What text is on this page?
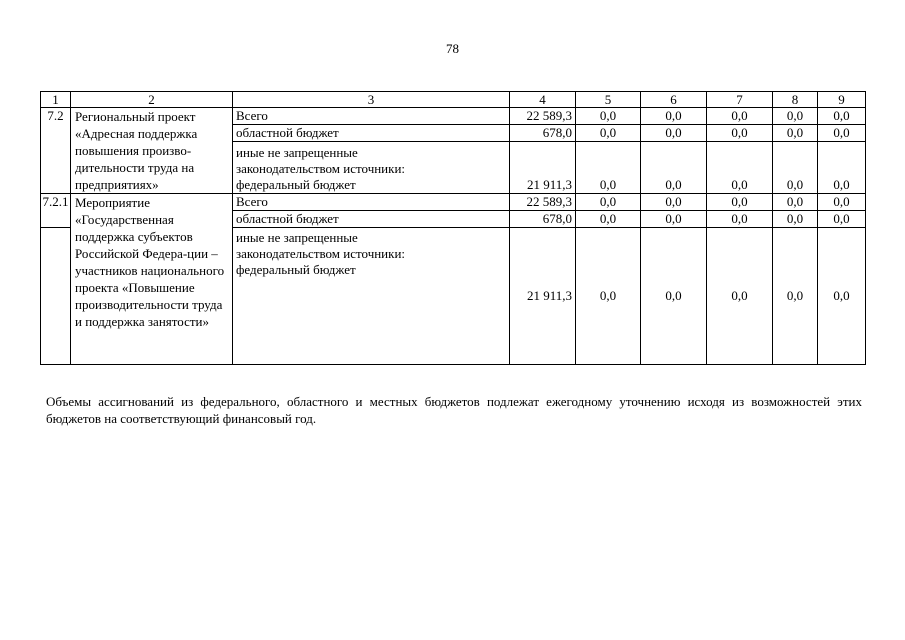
78
1	2	3	4	5	6	7	8	9
7.2	Региональный проект «Адресная поддержка повышения произво-дительности труда на предприятиях»	Всего	22 589,3	0,0	0,0	0,0	0,0	0,0
		областной бюджет	678,0	0,0	0,0	0,0	0,0	0,0

		иные не запрещенные
законодательством источники:
федеральный бюджет	21 911,3	0,0	0,0	0,0	0,0	0,0
7.2.1	Мероприятие «Государственная поддержка субъектов Российской Федера-ции – участников национального проекта «Повышение производительности труда и поддержка занятости»	Всего	22 589,3	0,0	0,0	0,0	0,0	0,0
		областной бюджет	678,0	0,0	0,0	0,0	0,0	0,0

		иные не запрещенные
законодательством источники:
федеральный бюджет	21 911,3	0,0	0,0	0,0	0,0	0,0
Объемы ассигнований из федерального, областного и местных бюджетов подлежат ежегодному уточнению исходя из возможностей этих бюджетов на соответствующий финансовый год.
